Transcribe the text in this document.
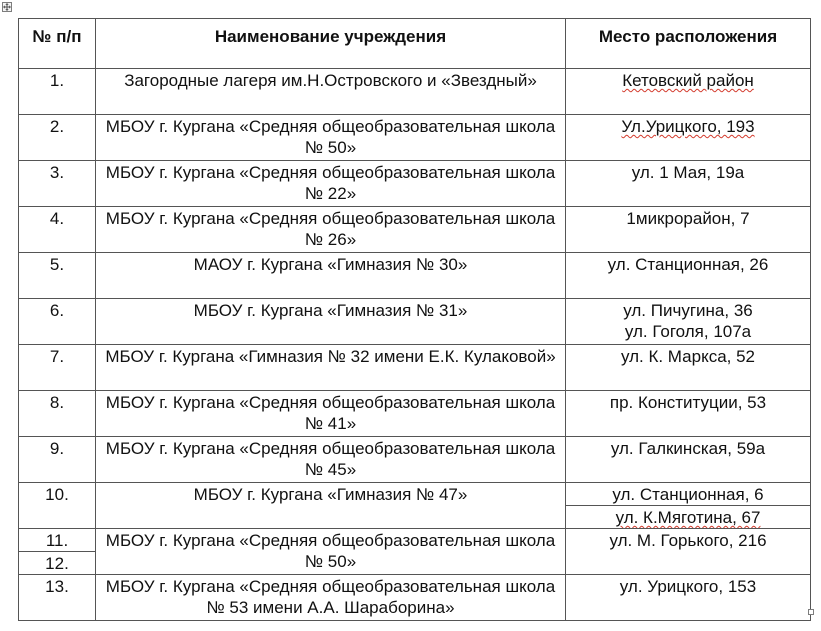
№ п/п	Наименование учреждения	Место расположения
1.	Загородные лагеря им.Н.Островского и «Звездный»	Кетовский район
2.	МБОУ г. Кургана «Средняя общеобразовательная школа № 50»	Ул.Урицкого, 193
3.	МБОУ г. Кургана «Средняя общеобразовательная школа № 22»	ул. 1 Мая, 19а
4.	МБОУ г. Кургана «Средняя общеобразовательная школа № 26»	1микрорайон, 7
5.	МАОУ г. Кургана «Гимназия № 30»	ул. Станционная, 26
6.	МБОУ г. Кургана «Гимназия № 31»	ул. Пичугина, 36
ул. Гоголя, 107а

7.	МБОУ г. Кургана «Гимназия № 32 имени Е.К. Кулаковой»	ул. К. Маркса, 52
8.	МБОУ г. Кургана «Средняя общеобразовательная школа № 41»	пр. Конституции, 53
9.	МБОУ г. Кургана «Средняя общеобразовательная школа № 45»	ул. Галкинская, 59а
10.	МБОУ г. Кургана «Гимназия № 47»	ул. Станционная, 6
		ул. К.Мяготина, 67
11.	МБОУ г. Кургана «Средняя общеобразовательная школа № 50»	ул. М. Горького, 216
12.		
13.	МБОУ г. Кургана «Средняя общеобразовательная школа № 53 имени А.А. Шараборина»	ул. Урицкого, 153
